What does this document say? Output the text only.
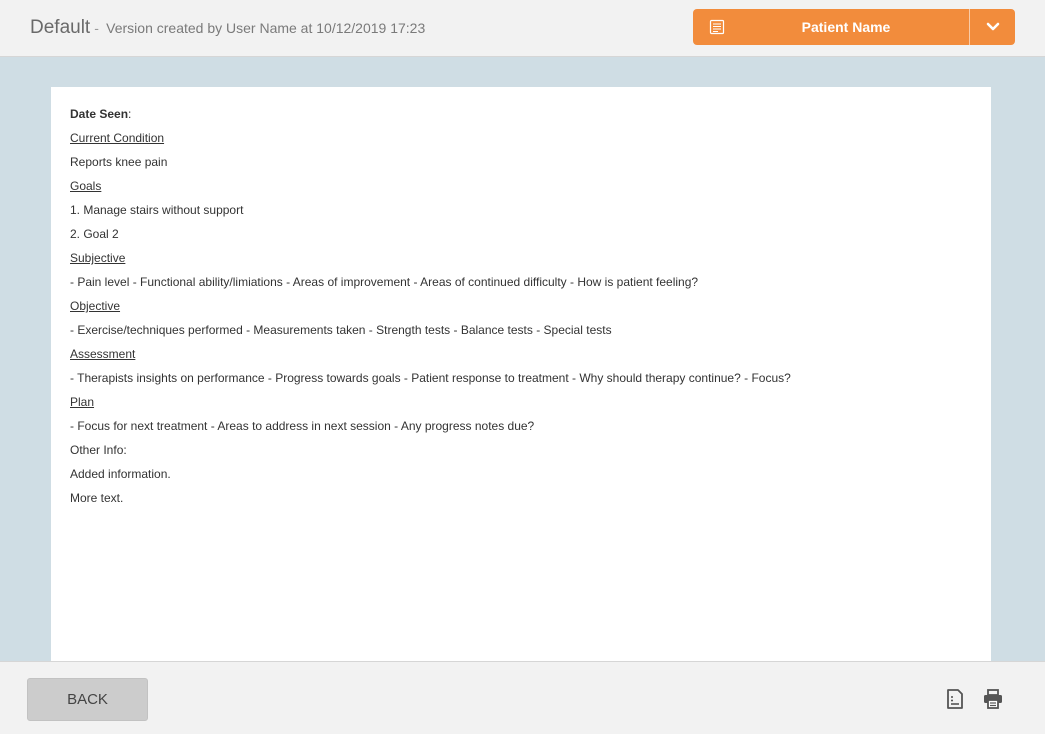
Default - Version created by User Name at 10/12/2019 17:23	Patient Name
Date Seen:
Current Condition
Reports knee pain
Goals
1. Manage stairs without support
2. Goal 2
Subjective
- Pain level - Functional ability/limiations - Areas of improvement - Areas of continued difficulty - How is patient feeling?
Objective
- Exercise/techniques performed - Measurements taken - Strength tests - Balance tests - Special tests
Assessment
- Therapists insights on performance - Progress towards goals - Patient response to treatment - Why should therapy continue? - Focus?
Plan
- Focus for next treatment - Areas to address in next session - Any progress notes due?
Other Info:
Added information.
More text.
BACK
